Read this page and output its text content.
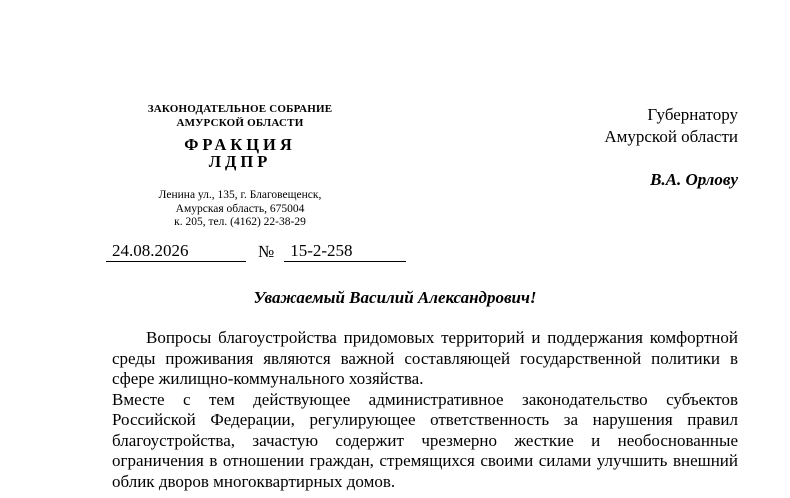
ЗАКОНОДАТЕЛЬНОЕ СОБРАНИЕ
АМУРСКОЙ ОБЛАСТИ
ФРАКЦИЯ
ЛДПР
Ленина ул., 135, г. Благовещенск,
Амурская область, 675004
к. 205, тел. (4162) 22-38-29
Губернатору
Амурской области
В.А. Орлову
24.08.2026	№ 15-2-258
Уважаемый Василий Александрович!

Вопросы благоустройства придомовых территорий и поддержания комфортной среды проживания являются важной составляющей государственной политики в сфере жилищно-коммунального хозяйства.

Вместе с тем действующее административное законодательство субъектов Российской Федерации, регулирующее ответственность за нарушения правил благоустройства, зачастую содержит чрезмерно жесткие и необоснованные ограничения в отношении граждан, стремящихся своими силами улучшить внешний облик дворов многоквартирных домов.
